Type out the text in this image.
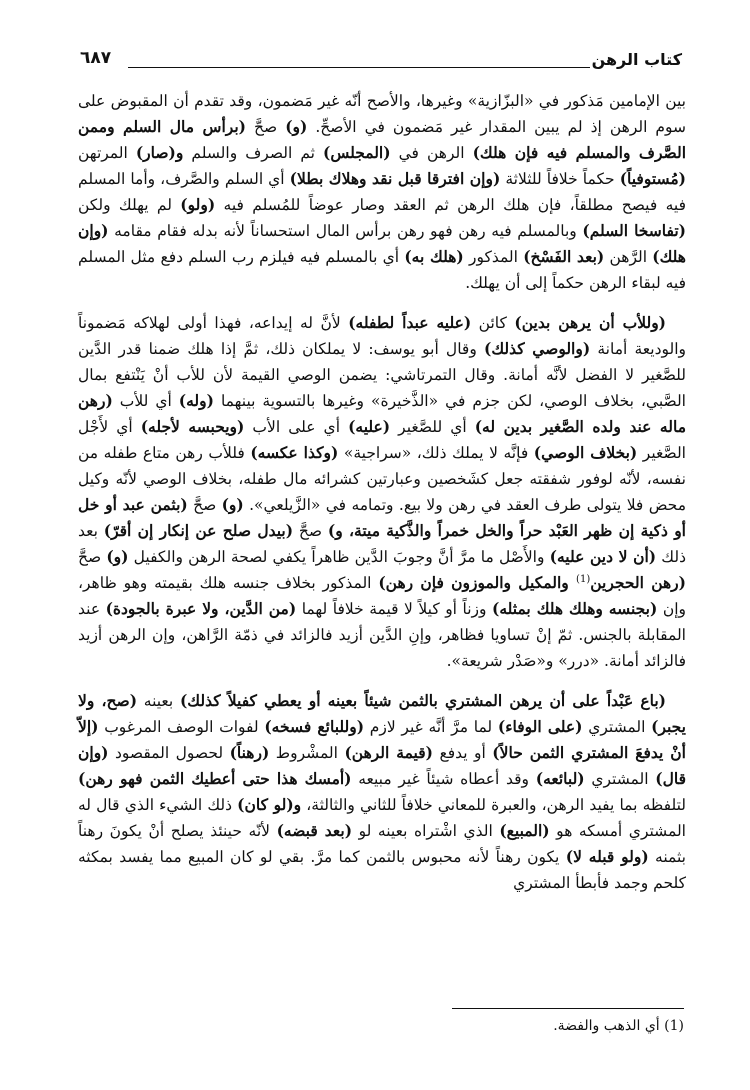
كتاب الرهن
٦٨٧

بين الإمامين مَذكور في «البزّازية» وغيرها، والأصح أنّه غير مَضمون، وقد تقدم أن المقبوض على سوم الرهن إذ لم يبين المقدار غير مَضمون في الأصحِّ. (و) صحَّ (برأس مال السلم وممن الصَّرف والمسلم فيه فإن هلك) الرهن في (المجلس) ثم الصرف والسلم و(صار) المرتهن (مُستوفياً) حكماً خلافاً للثلاثة (وإن افترقا قبل نقد وهلاك بطلا) أي السلم والصَّرف، وأما المسلم فيه فيصح مطلقاً، فإن هلك الرهن ثم العقد وصار عوضاً للمُسلم فيه (ولو) لم يهلك ولكن (تفاسخا السلم) وبالمسلم فيه رهن فهو رهن برأس المال استحساناً لأنه بدله فقام مقامه (وإن هلك) الرَّهن (بعد الفَسْخ) المذكور (هلك به) أي بالمسلم فيه فيلزم رب السلم دفع مثل المسلم فيه لبقاء الرهن حكماً إلى أن يهلك.

(وللأب أن يرهن بدين) كائن (عليه عبداً لطفله) لأنَّ له إيداعه، فهذا أولى لهلاكه مَضموناً والوديعة أمانة (والوصي كذلك) وقال أبو يوسف: لا يملكان ذلك، ثمَّ إذا هلك ضمنا قدر الدَّين للصَّغير لا الفضل لأنَّه أمانة. وقال التمرتاشي: يضمن الوصي القيمة لأن للأب أنْ يَنْتفع بمال الصَّبي، بخلاف الوصي، لكن جزم في «الذَّخيرة» وغيرها بالتسوية بينهما (وله) أي للأب (رهن ماله عند ولده الصَّغير بدين له) أي للصَّغير (عليه) أي على الأب (ويحبسه لأجله) أي لأَجْل الصَّغير (بخلاف الوصي) فإنَّه لا يملك ذلك، «سراجية» (وكذا عكسه) فللأب رهن متاع طفله من نفسه، لأنّه لوفور شفقته جعل كشَخصين وعبارتين كشرائه مال طفله، بخلاف الوصي لأنّه وكيل محض فلا يتولى طرف العقد في رهن ولا بيع. وتمامه في «الزَّيلعي». (و) صحَّ (بثمن عبد أو خل أو ذكية إن ظهر العَبْد حراً والخل خمراً والذَّكية ميتة، و) صحَّ (بيدل صلح عن إنكار إن أقرّ) بعد ذلك (أن لا دين عليه) والأَصْل ما مرَّ أنَّ وجوبَ الدَّين ظاهراً يكفي لصحة الرهن والكفيل (و) صحَّ (رهن الحجرين$^{(1)}$ والمكيل والموزون فإن رهن) المذكور بخلاف جنسه هلك بقيمته وهو ظاهر، وإن (بجنسه وهلك هلك بمثله) وزناً أو كيلاً لا قيمة خلافاً لهما (من الدَّين، ولا عبرة بالجودة) عند المقابلة بالجنس. ثمّ إنْ تساويا فظاهر، وإنِ الدَّين أزيد فالزائد في ذمّة الرَّاهن، وإن الرهن أزيد فالزائد أمانة. «درر» و«صَدْر شريعة».

(باع عَبْداً على أن يرهن المشتري بالثمن شيئاً بعينه أو يعطي كفيلاً كذلك) بعينه (صح، ولا يجبر) المشتري (على الوفاء) لما مرَّ أنَّه غير لازم (وللبائع فسخه) لفوات الوصف المرغوب (إلاّ أنْ يدفعَ المشتري الثمن حالاً) أو يدفع (قيمة الرهن) المشْروط (رهناً) لحصول المقصود (وإن قال) المشتري (لبائعه) وقد أعطاه شيئاً غير مبيعه (أمسك هذا حتى أعطيك الثمن فهو رهن) لتلفظه بما يفيد الرهن، والعبرة للمعاني خلافاً للثاني والثالثة، و(لو كان) ذلك الشيء الذي قال له المشتري أمسكه هو (المبيع) الذي اشْتراه بعينه لو (بعد قبضه) لأنّه حينئذ يصلح أنْ يكونَ رهناً بثمنه (ولو قبله لا) يكون رهناً لأنه محبوس بالثمن كما مرَّ. بقي لو كان المبيع مما يفسد بمكثه كلحم وجمد فأبطأ المشتري

(1) أي الذهب والفضة.
